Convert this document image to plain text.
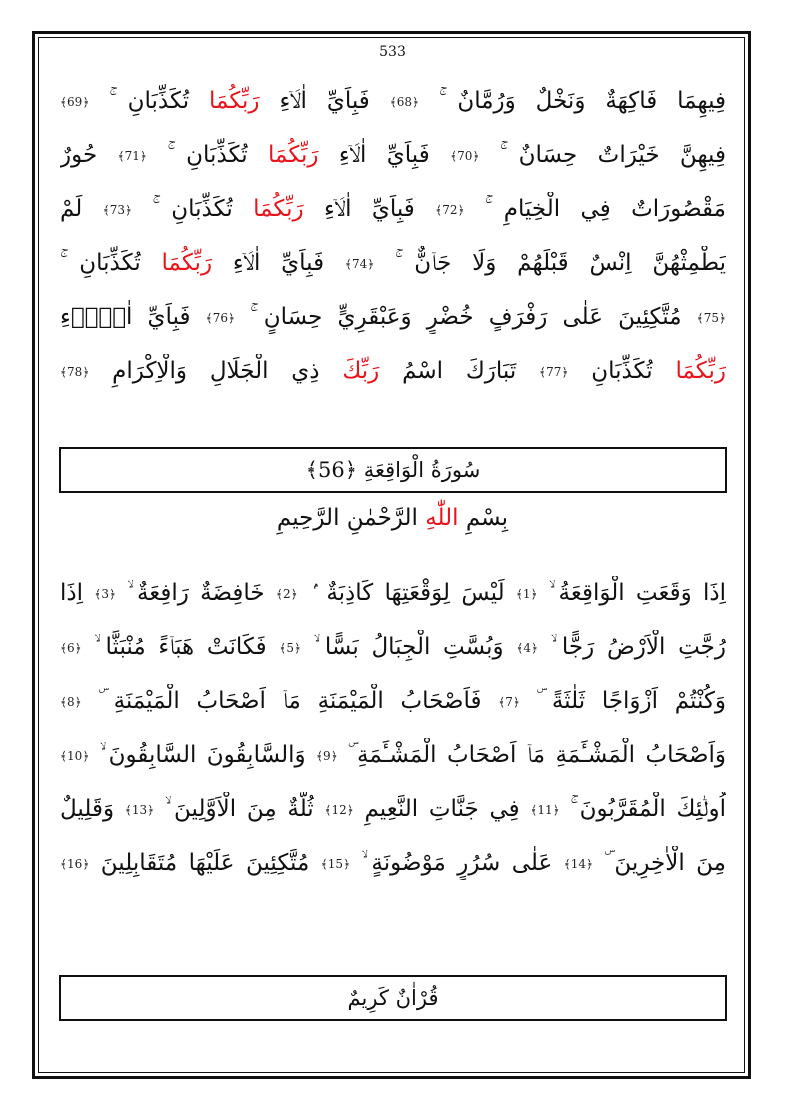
533
فِيهِمَا فَاكِهَةٌ وَنَخْلٌ وَرُمَّانٌ ۚ ﴿68﴾ فَبِاَيِّ اٰلَاۤءِ رَبِّكُمَا تُكَذِّبَانِ ۚ ﴿69﴾
فِيهِنَّ خَيْرَاتٌ حِسَانٌ ۚ ﴿70﴾ فَبِاَيِّ اٰلَاۤءِ رَبِّكُمَا تُكَذِّبَانِ ۚ ﴿71﴾ حُورٌ
مَقْصُورَاتٌ فِي الْخِيَامِ ۚ ﴿72﴾ فَبِاَيِّ اٰلَاۤءِ رَبِّكُمَا تُكَذِّبَانِ ۚ ﴿73﴾ لَمْ
يَطْمِثْهُنَّ اِنْسٌ قَبْلَهُمْ وَلَا جَاۤنٌّ ۚ ﴿74﴾ فَبِاَيِّ اٰلَاۤءِ رَبِّكُمَا تُكَذِّبَانِ ۚ
﴿75﴾ مُتَّكِئِينَ عَلٰى رَفْرَفٍ خُضْرٍ وَعَبْقَرِيٍّ حِسَانٍ ۚ ﴿76﴾ فَبِاَيِّ اٰلَاۤءِ
رَبِّكُمَا تُكَذِّبَانِ ﴿77﴾ تَبَارَكَ اسْمُ رَبِّكَ ذِي الْجَلَالِ وَالْاِكْرَامِ ﴿78﴾
سُورَةُ الْوَاقِعَةِ ﴿56﴾
بِسْمِ اللّٰهِ الرَّحْمٰنِ الرَّحِيمِ
اِذَا وَقَعَتِ الْوَاقِعَةُ ۙ ﴿1﴾ لَيْسَ لِوَقْعَتِهَا كَاذِبَةٌ ۢ ﴿2﴾ خَافِضَةٌ رَافِعَةٌ ۙ ﴿3﴾ اِذَا
رُجَّتِ الْاَرْضُ رَجًّا ۙ ﴿4﴾ وَبُسَّتِ الْجِبَالُ بَسًّا ۙ ﴿5﴾ فَكَانَتْ هَبَاۤءً مُنْبَثًّا ۙ ﴿6﴾
وَكُنْتُمْ اَزْوَاجًا ثَلٰثَةً ۜ ﴿7﴾ فَاَصْحَابُ الْمَيْمَنَةِ مَاۤ اَصْحَابُ الْمَيْمَنَةِ ۜ ﴿8﴾
وَاَصْحَابُ الْمَشْـَٔمَةِ مَاۤ اَصْحَابُ الْمَشْـَٔمَةِ ۜ ﴿9﴾ وَالسَّابِقُونَ السَّابِقُونَ ۙ ﴿10﴾
اُولٰۤئِكَ الْمُقَرَّبُونَ ۚ ﴿11﴾ فِي جَنَّاتِ النَّعِيمِ ﴿12﴾ ثُلَّةٌ مِنَ الْاَوَّلِينَ ۙ ﴿13﴾ وَقَلِيلٌ
مِنَ الْاٰخِرِينَ ۜ ﴿14﴾ عَلٰى سُرُرٍ مَوْضُونَةٍ ۙ ﴿15﴾ مُتَّكِئِينَ عَلَيْهَا مُتَقَابِلِينَ ﴿16﴾
قُرْاٰنٌ كَرِيمٌ
